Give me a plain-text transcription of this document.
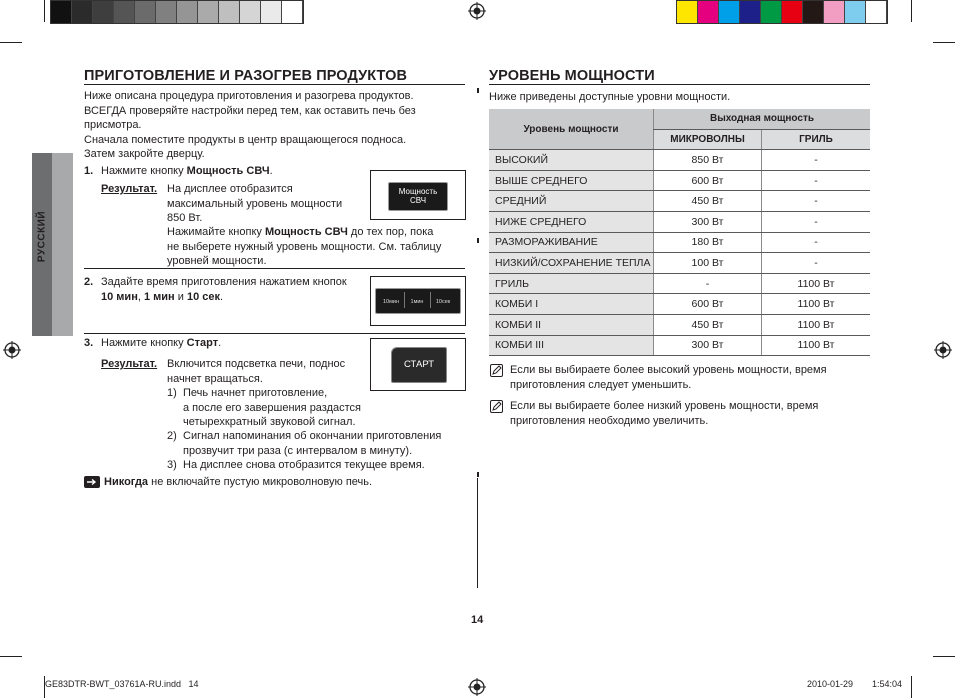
РУССКИЙ
ПРИГОТОВЛЕНИЕ И РАЗОГРЕВ ПРОДУКТОВ

Ниже описана процедура приготовления и разогрева продуктов.

ВСЕГДА проверяйте настройки перед тем, как оставить печь без

присмотра.

Сначала поместите продукты в центр вращающегося подноса.

Затем закройте дверцу.

1. Нажмите кнопку Мощность СВЧ.

Результат. На дисплее отобразится

максимальный уровень мощности

850 Вт.

Нажимайте кнопку Мощность СВЧ до тех пор, пока

не выберете нужный уровень мощности. См. таблицу

уровней мощности.

Мощность
СВЧ

2. Задайте время приготовления нажатием кнопок

10 мин, 1 мин и 10 сек.	10мин	1мин	10сек

3. Нажмите кнопку Старт.

Результат. Включится подсветка печи, поднос

начнет вращаться.

1) Печь начнет приготовление,

а после его завершения раздастся

четырехкратный звуковой сигнал.

2) Сигнал напоминания об окончании приготовления

прозвучит три раза (с интервалом в минуту).

3) На дисплее снова отобразится текущее время.

СТАРТ

Никогда не включайте пустую микроволновую печь.

УРОВЕНЬ МОЩНОСТИ

Ниже приведены доступные уровни мощности.

Уровень мощности	Выходная мощность	
	МИКРОВОЛНЫ	ГРИЛЬ
ВЫСОКИЙ	850 Вт	-
ВЫШЕ СРЕДНЕГО	600 Вт	-
СРЕДНИЙ	450 Вт	-
НИЖЕ СРЕДНЕГО	300 Вт	-
РАЗМОРАЖИВАНИЕ	180 Вт	-
НИЗКИЙ/СОХРАНЕНИЕ ТЕПЛА	100 Вт	-
ГРИЛЬ	-	1100 Вт
КОМБИ I	600 Вт	1100 Вт
КОМБИ II	450 Вт	1100 Вт
КОМБИ III	300 Вт	1100 Вт

Если вы выбираете более высокий уровень мощности, время

приготовления следует уменьшить.

Если вы выбираете более низкий уровень мощности, время

приготовления необходимо увеличить.

14
GE83DTR-BWT_03761A-RU.indd   14	2010-01-29 1:54:04
